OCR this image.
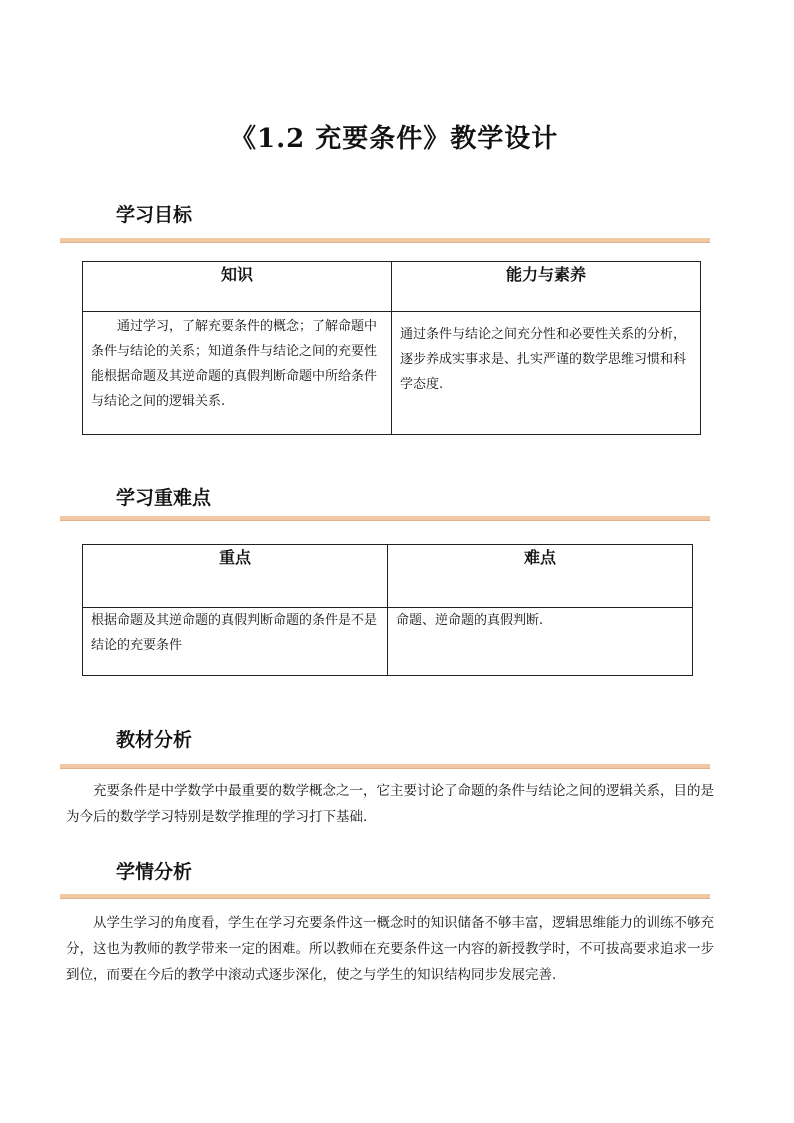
《1.2 充要条件》教学设计
学习目标
知识	能力与素养
通过学习，了解充要条件的概念；了解命题中条件与结论的关系；知道条件与结论之间的充要性能根据命题及其逆命题的真假判断命题中所给条件与结论之间的逻辑关系.	通过条件与结论之间充分性和必要性关系的分析，逐步养成实事求是、扎实严谨的数学思维习惯和科学态度.
学习重难点
重点	难点
根据命题及其逆命题的真假判断命题的条件是不是结论的充要条件	命题、逆命题的真假判断.
教材分析
充要条件是中学数学中最重要的数学概念之一，它主要讨论了命题的条件与结论之间的逻辑关系，目的是为今后的数学学习特别是数学推理的学习打下基础.
学情分析
从学生学习的角度看，学生在学习充要条件这一概念时的知识储备不够丰富，逻辑思维能力的训练不够充分，这也为教师的教学带来一定的困难。所以教师在充要条件这一内容的新授教学时，不可拔高要求追求一步到位，而要在今后的教学中滚动式逐步深化，使之与学生的知识结构同步发展完善.
